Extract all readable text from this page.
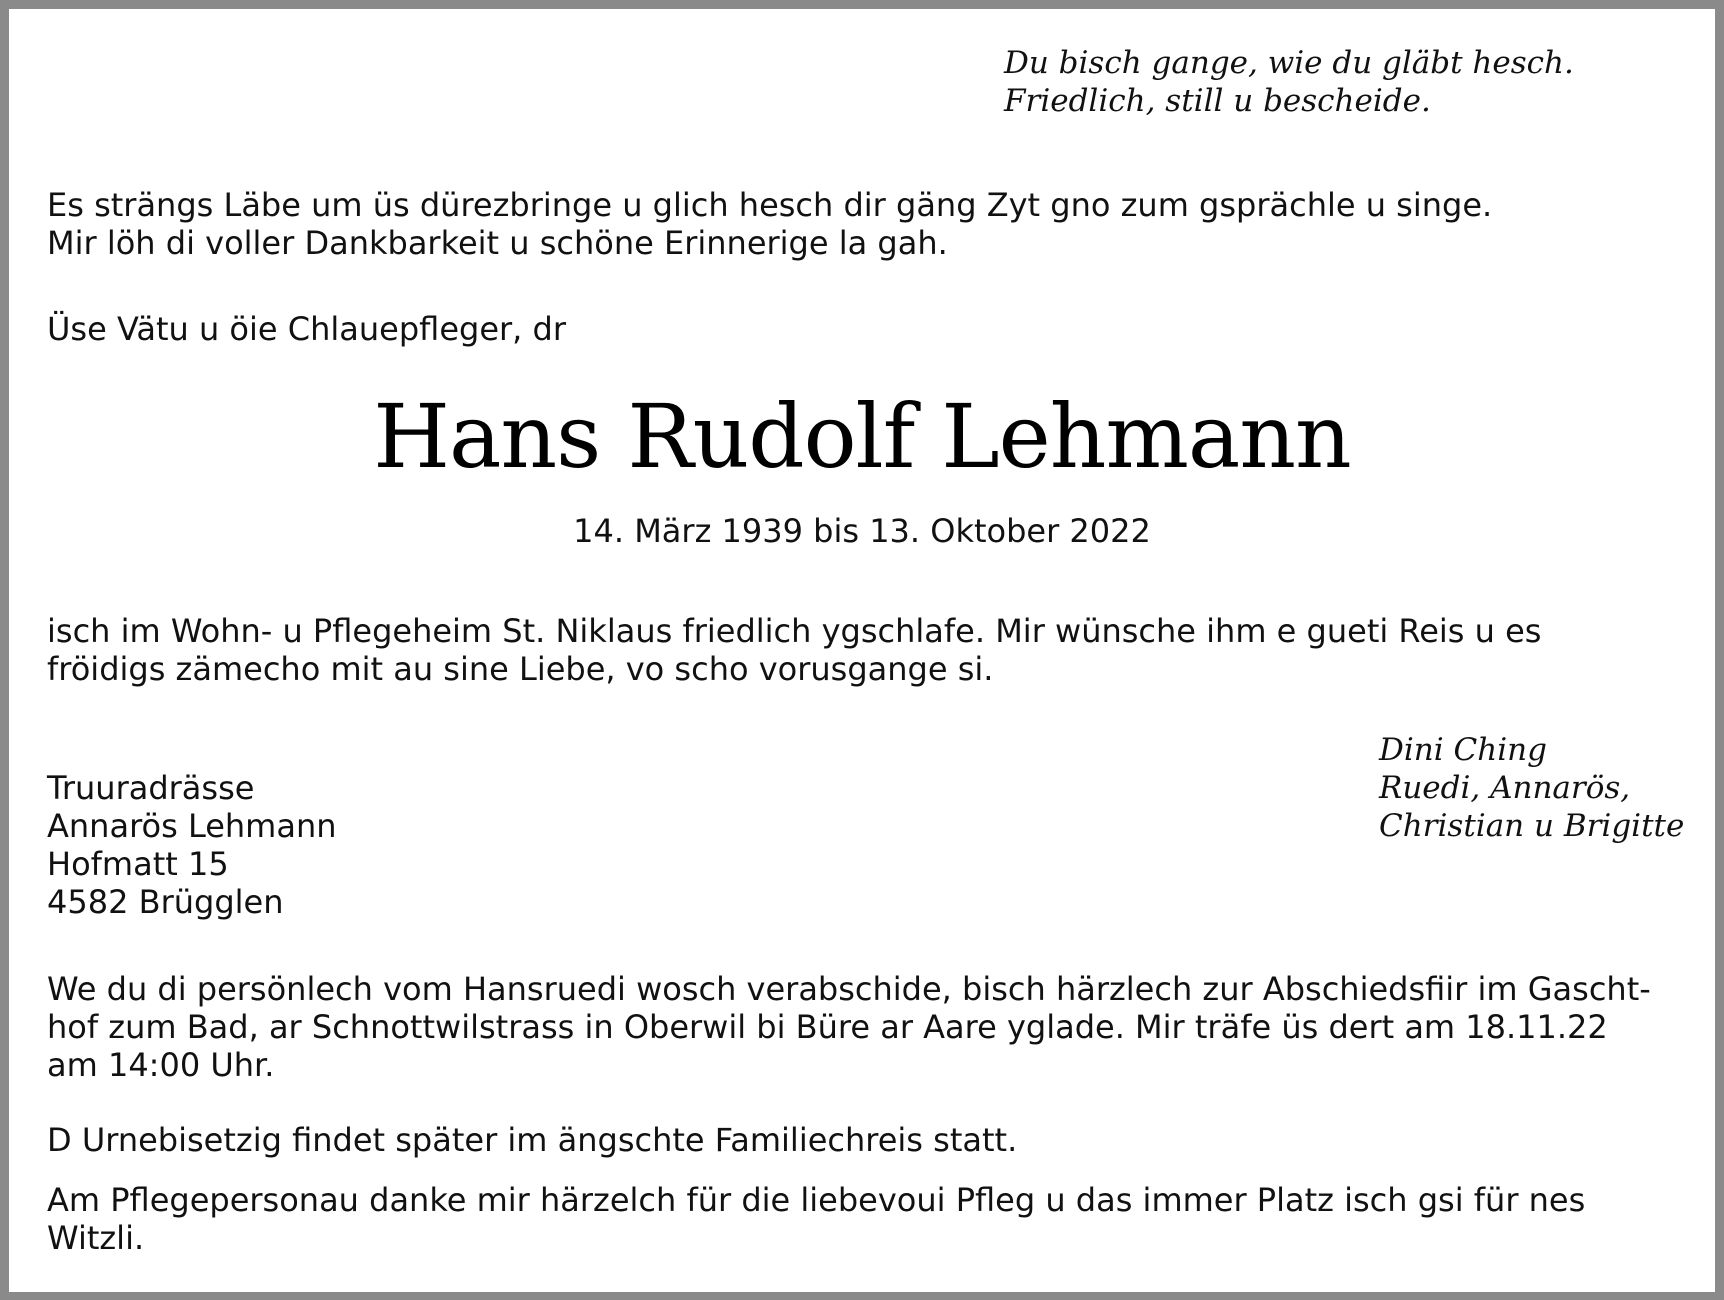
Du bisch gange, wie du gläbt hesch.
Friedlich, still u bescheide.
Es strängs Läbe um üs dürezbringe u glich hesch dir gäng Zyt gno zum gsprächle u singe.
Mir löh di voller Dankbarkeit u schöne Erinnerige la gah.
Üse Vätu u öie Chlauepfleger, dr
Hans Rudolf Lehmann
14. März 1939 bis 13. Oktober 2022
isch im Wohn- u Pflegeheim St. Niklaus friedlich ygschlafe. Mir wünsche ihm e gueti Reis u es
fröidigs zämecho mit au sine Liebe, vo scho vorusgange si.
Dini Ching
Ruedi, Annarös,
Christian u Brigitte
Truuradrässe
Annarös Lehmann
Hofmatt 15
4582 Brügglen
We du di persönlech vom Hansruedi wosch verabschide, bisch härzlech zur Abschiedsfiir im Gascht-
hof zum Bad, ar Schnottwilstrass in Oberwil bi Büre ar Aare yglade. Mir träfe üs dert am 18.11.22
am 14:00 Uhr.
D Urnebisetzig findet später im ängschte Familiechreis statt.
Am Pflegepersonau danke mir härzelch für die liebevoui Pfleg u das immer Platz isch gsi für nes
Witzli.
